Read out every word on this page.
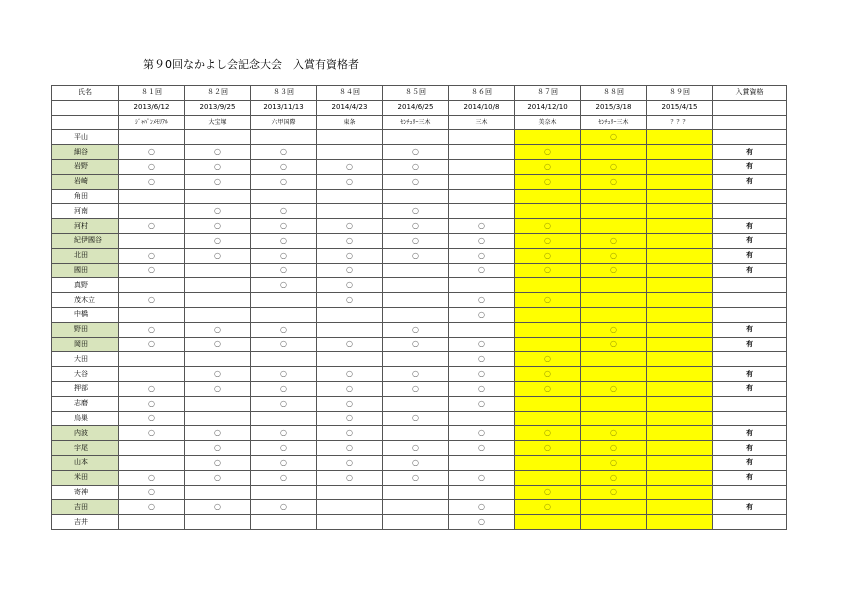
第９0回なかよし会記念大会　入賞有資格者
氏名	８１回	８２回	８３回	８４回	８５回	８６回	８７回	８８回	８９回	入賞資格
	2013/6/12	2013/9/25	2013/11/13	2014/4/23	2014/6/25	2014/10/8	2014/12/10	2015/3/18	2015/4/15	
	ｼﾞｬﾊﾟﾝﾒﾓﾘｱﾙ	大宝塚	六甲国際	東条	ｾﾝﾁｭﾘｰ三木	三木	美奈木	ｾﾝﾁｭﾘｰ三木	？？？	
平山								○		
細谷	○	○	○		○		○			有
岩野	○	○	○	○	○		○	○		有
岩崎	○	○	○	○	○		○	○		有
角田										
河南		○	○		○					
河村	○	○	○	○	○	○	○			有
紀伊國谷		○	○	○	○	○	○	○		有
北田	○	○	○	○	○	○	○	○		有
國田	○		○	○		○	○	○		有
真野			○	○						
茂木立	○			○		○	○			
中橋						○				
野田	○	○	○		○			○		有
岡田	○	○	○	○	○	○		○		有
大田						○	○			
大谷		○	○	○	○	○	○			有
押部	○	○	○	○	○	○	○	○		有
志磨	○		○	○		○				
烏巣	○			○	○					
内波	○	○	○	○		○	○	○		有
宇尾		○	○	○	○	○	○	○		有
山本		○	○	○	○			○		有
米田	○	○	○	○	○	○		○		有
寄神	○						○	○		
吉田	○	○	○			○	○			有
吉井						○				
